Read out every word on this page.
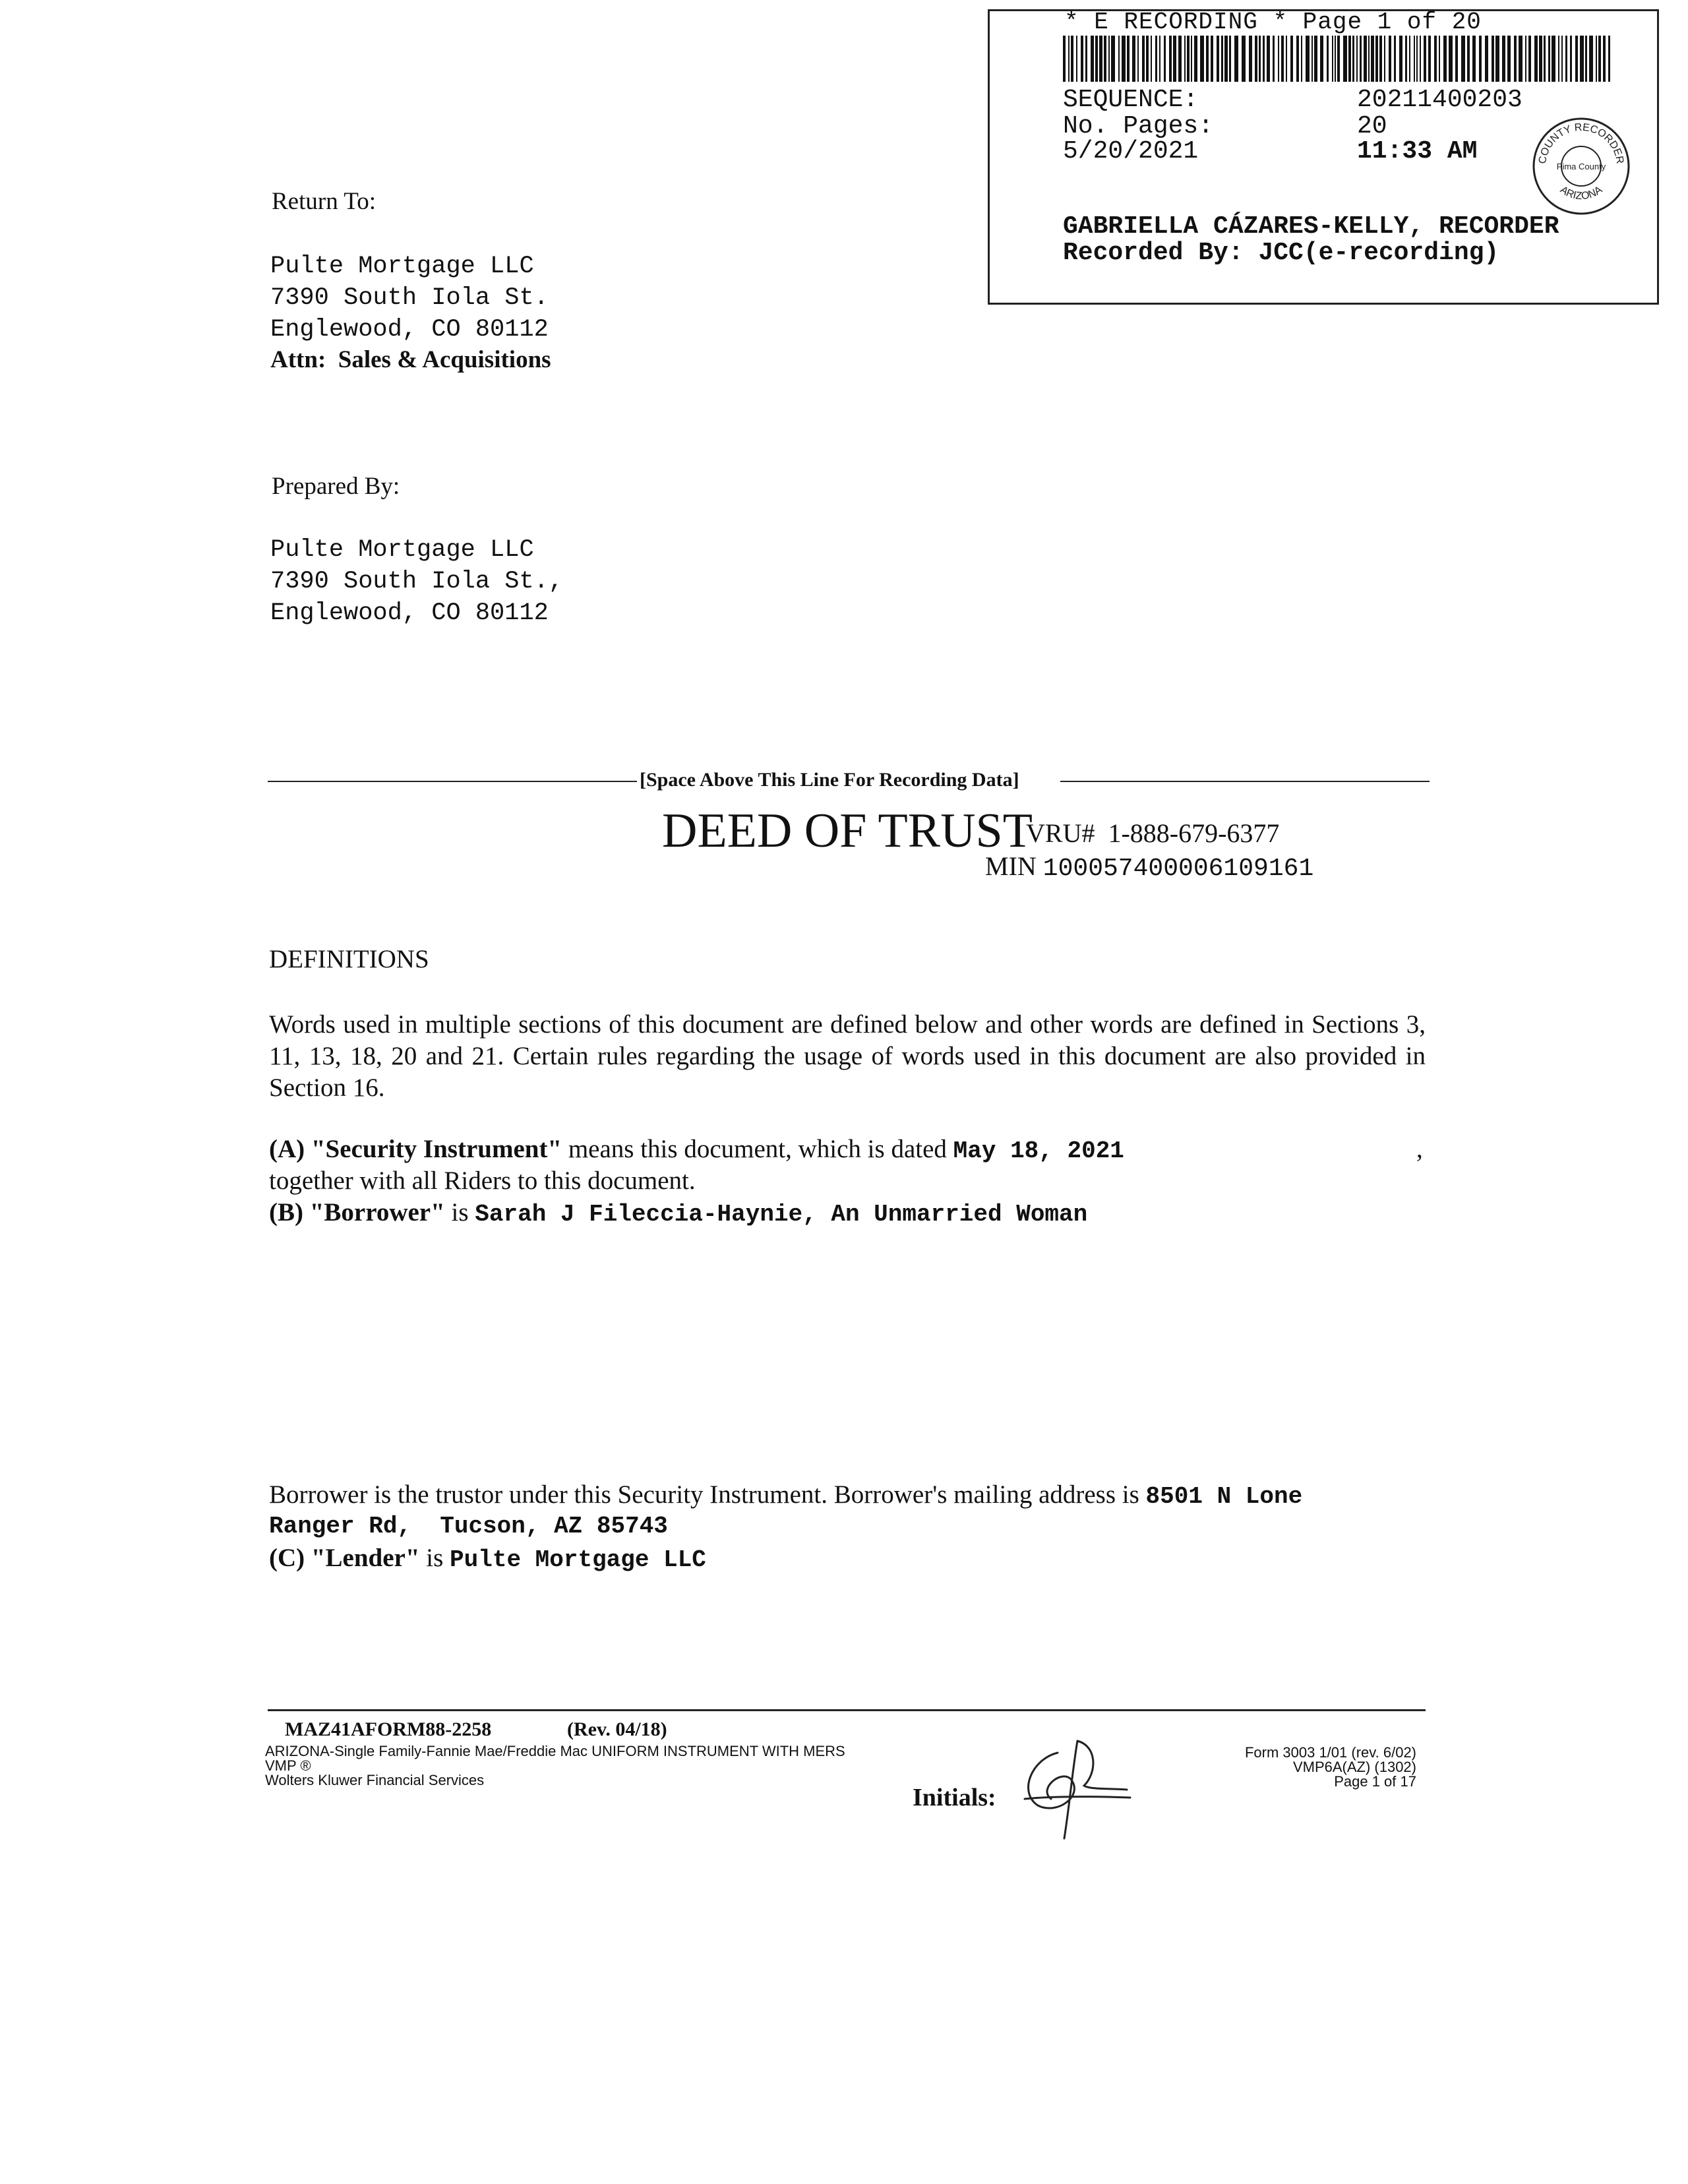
* E RECORDING * Page 1 of 20
SEQUENCE:	20211400203
No. Pages:	20
5/20/2021	11:33 AM
GABRIELLA CÁZARES-KELLY, RECORDER
Recorded By: JCC(e-recording)
COUNTY RECORDER
ARIZONA
Pima County
Return To:
Pulte Mortgage LLC
7390 South Iola St.
Englewood, CO 80112
Attn:  Sales & Acquisitions
Prepared By:
Pulte Mortgage LLC
7390 South Iola St.,
Englewood, CO 80112
[Space Above This Line For Recording Data]
DEED OF TRUST
VRU#  1-888-679-6377
MIN 100057400006109161
DEFINITIONS
Words used in multiple sections of this document are defined below and other words are defined in Sections 3, 11, 13, 18, 20 and 21. Certain rules regarding the usage of words used in this document are also provided in Section 16.
(A) "Security Instrument" means this document, which is dated May 18, 2021	,
together with all Riders to this document.
(B) "Borrower" is Sarah J Fileccia-Haynie, An Unmarried Woman
Borrower is the trustor under this Security Instrument. Borrower's mailing address is 8501 N Lone
Ranger Rd,  Tucson, AZ 85743
(C) "Lender" is Pulte Mortgage LLC
MAZ41AFORM88-2258	(Rev. 04/18)
ARIZONA-Single Family-Fannie Mae/Freddie Mac UNIFORM INSTRUMENT WITH MERS
VMP ®
Wolters Kluwer Financial Services
Initials:
Form 3003 1/01 (rev. 6/02)
VMP6A(AZ) (1302)
Page 1 of 17
